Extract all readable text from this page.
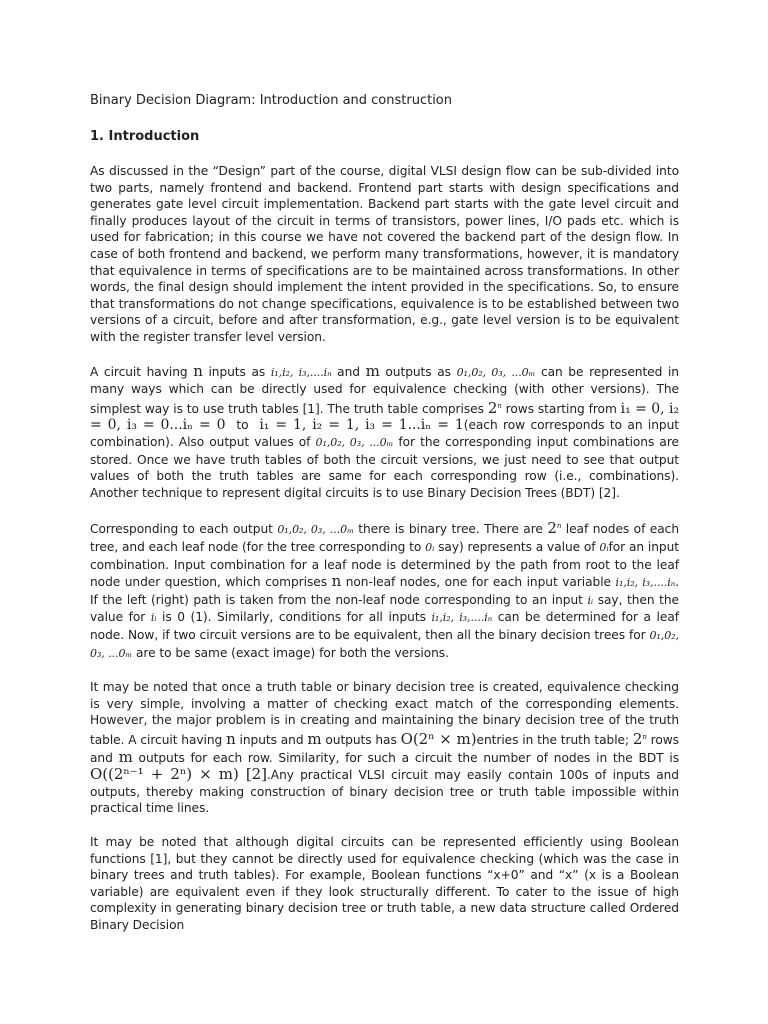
Binary Decision Diagram: Introduction and construction
1. Introduction

As discussed in the “Design” part of the course, digital VLSI design flow can be sub-divided into two parts, namely frontend and backend. Frontend part starts with design specifications and generates gate level circuit implementation. Backend part starts with the gate level circuit and finally produces layout of the circuit in terms of transistors, power lines, I/O pads etc. which is used for fabrication; in this course we have not covered the backend part of the design flow. In case of both frontend and backend, we perform many transformations, however, it is mandatory that equivalence in terms of specifications are to be maintained across transformations. In other words, the final design should implement the intent provided in the specifications. So, to ensure that transformations do not change specifications, equivalence is to be established between two versions of a circuit, before and after transformation, e.g., gate level version is to be equivalent with the register transfer level version.

A circuit having n inputs as i₁,i₂, i₃,....iₙ and m outputs as 0₁,0₂, 0₃, ...0ₘ can be represented in many ways which can be directly used for equivalence checking (with other versions). The simplest way is to use truth tables [1]. The truth table comprises 2$^n$ rows starting from i₁ = 0, i₂ = 0, i₃ = 0...iₙ = 0 to i₁ = 1, i₂ = 1, i₃ = 1...iₙ = 1(each row corresponds to an input combination). Also output values of 0₁,0₂, 0₃, ...0ₘ for the corresponding input combinations are stored. Once we have truth tables of both the circuit versions, we just need to see that output values of both the truth tables are same for each corresponding row (i.e., combinations). Another technique to represent digital circuits is to use Binary Decision Trees (BDT) [2].

Corresponding to each output 0₁,0₂, 0₃, ...0ₘ there is binary tree. There are 2$^n$ leaf nodes of each tree, and each leaf node (for the tree corresponding to 0ᵢ say) represents a value of 0ᵢfor an input combination. Input combination for a leaf node is determined by the path from root to the leaf node under question, which comprises n non-leaf nodes, one for each input variable i₁,i₂, i₃,....iₙ. If the left (right) path is taken from the non-leaf node corresponding to an input iᵢ say, then the value for iᵢ is 0 (1). Similarly, conditions for all inputs i₁,i₂, i₃,....iₙ can be determined for a leaf node. Now, if two circuit versions are to be equivalent, then all the binary decision trees for 0₁,0₂, 0₃, ...0ₘ are to be same (exact image) for both the versions.

It may be noted that once a truth table or binary decision tree is created, equivalence checking is very simple, involving a matter of checking exact match of the corresponding elements. However, the major problem is in creating and maintaining the binary decision tree of the truth table. A circuit having n inputs and m outputs has O(2ⁿ × m)entries in the truth table; 2$^n$ rows and m outputs for each row. Similarity, for such a circuit the number of nodes in the BDT is O((2ⁿ⁻¹ + 2ⁿ) × m) [2].Any practical VLSI circuit may easily contain 100s of inputs and outputs, thereby making construction of binary decision tree or truth table impossible within practical time lines.

It may be noted that although digital circuits can be represented efficiently using Boolean functions [1], but they cannot be directly used for equivalence checking (which was the case in binary trees and truth tables). For example, Boolean functions “x+0” and “x” (x is a Boolean variable) are equivalent even if they look structurally different. To cater to the issue of high complexity in generating binary decision tree or truth table, a new data structure called Ordered Binary Decision
